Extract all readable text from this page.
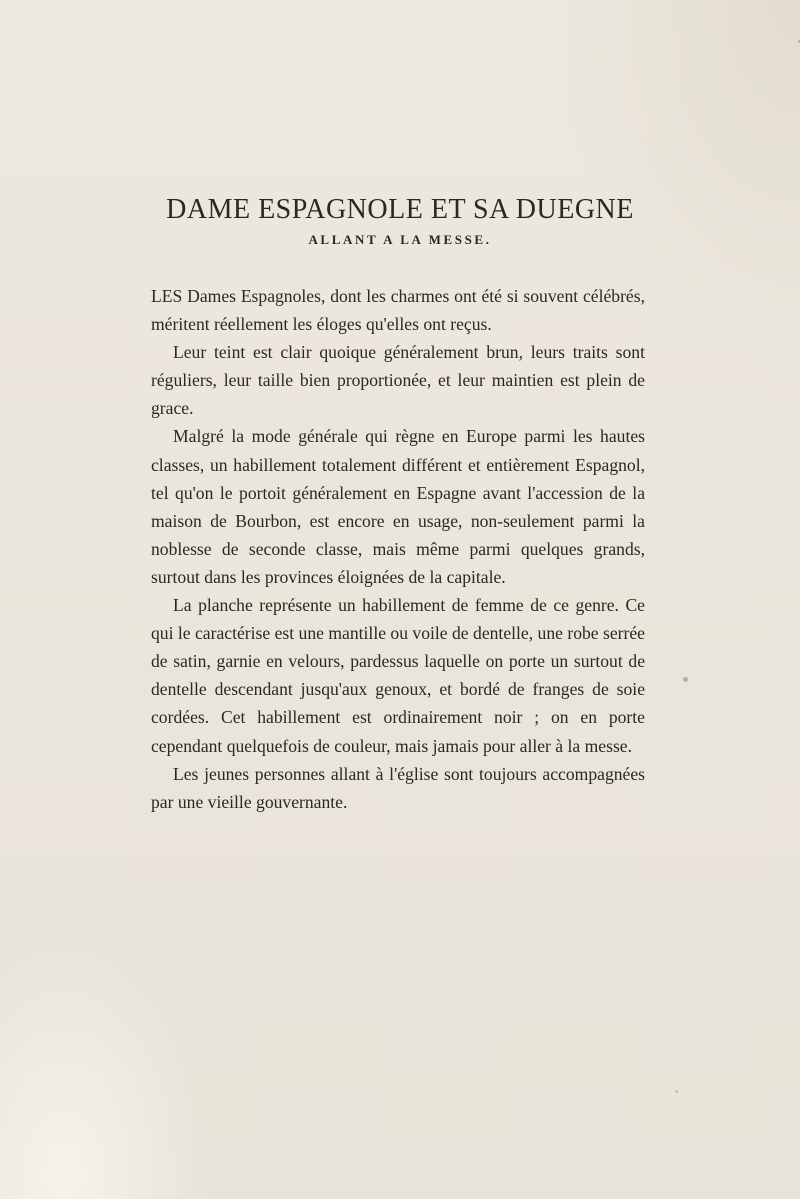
DAME ESPAGNOLE ET SA DUEGNE
ALLANT A LA MESSE.

LES Dames Espagnoles, dont les charmes ont été si souvent célébrés, méritent réellement les éloges qu'elles ont reçus.

Leur teint est clair quoique généralement brun, leurs traits sont réguliers, leur taille bien proportionée, et leur maintien est plein de grace.

Malgré la mode générale qui règne en Europe parmi les hautes classes, un habillement totalement différent et entièrement Espagnol, tel qu'on le portoit généralement en Espagne avant l'accession de la maison de Bourbon, est encore en usage, non-seulement parmi la noblesse de seconde classe, mais même parmi quelques grands, surtout dans les provinces éloignées de la capitale.

La planche représente un habillement de femme de ce genre. Ce qui le caractérise est une mantille ou voile de dentelle, une robe serrée de satin, garnie en velours, pardessus laquelle on porte un surtout de dentelle descendant jusqu'aux genoux, et bordé de franges de soie cordées. Cet habillement est ordinairement noir ; on en porte cependant quelquefois de couleur, mais jamais pour aller à la messe.

Les jeunes personnes allant à l'église sont toujours accompagnées par une vieille gouvernante.
